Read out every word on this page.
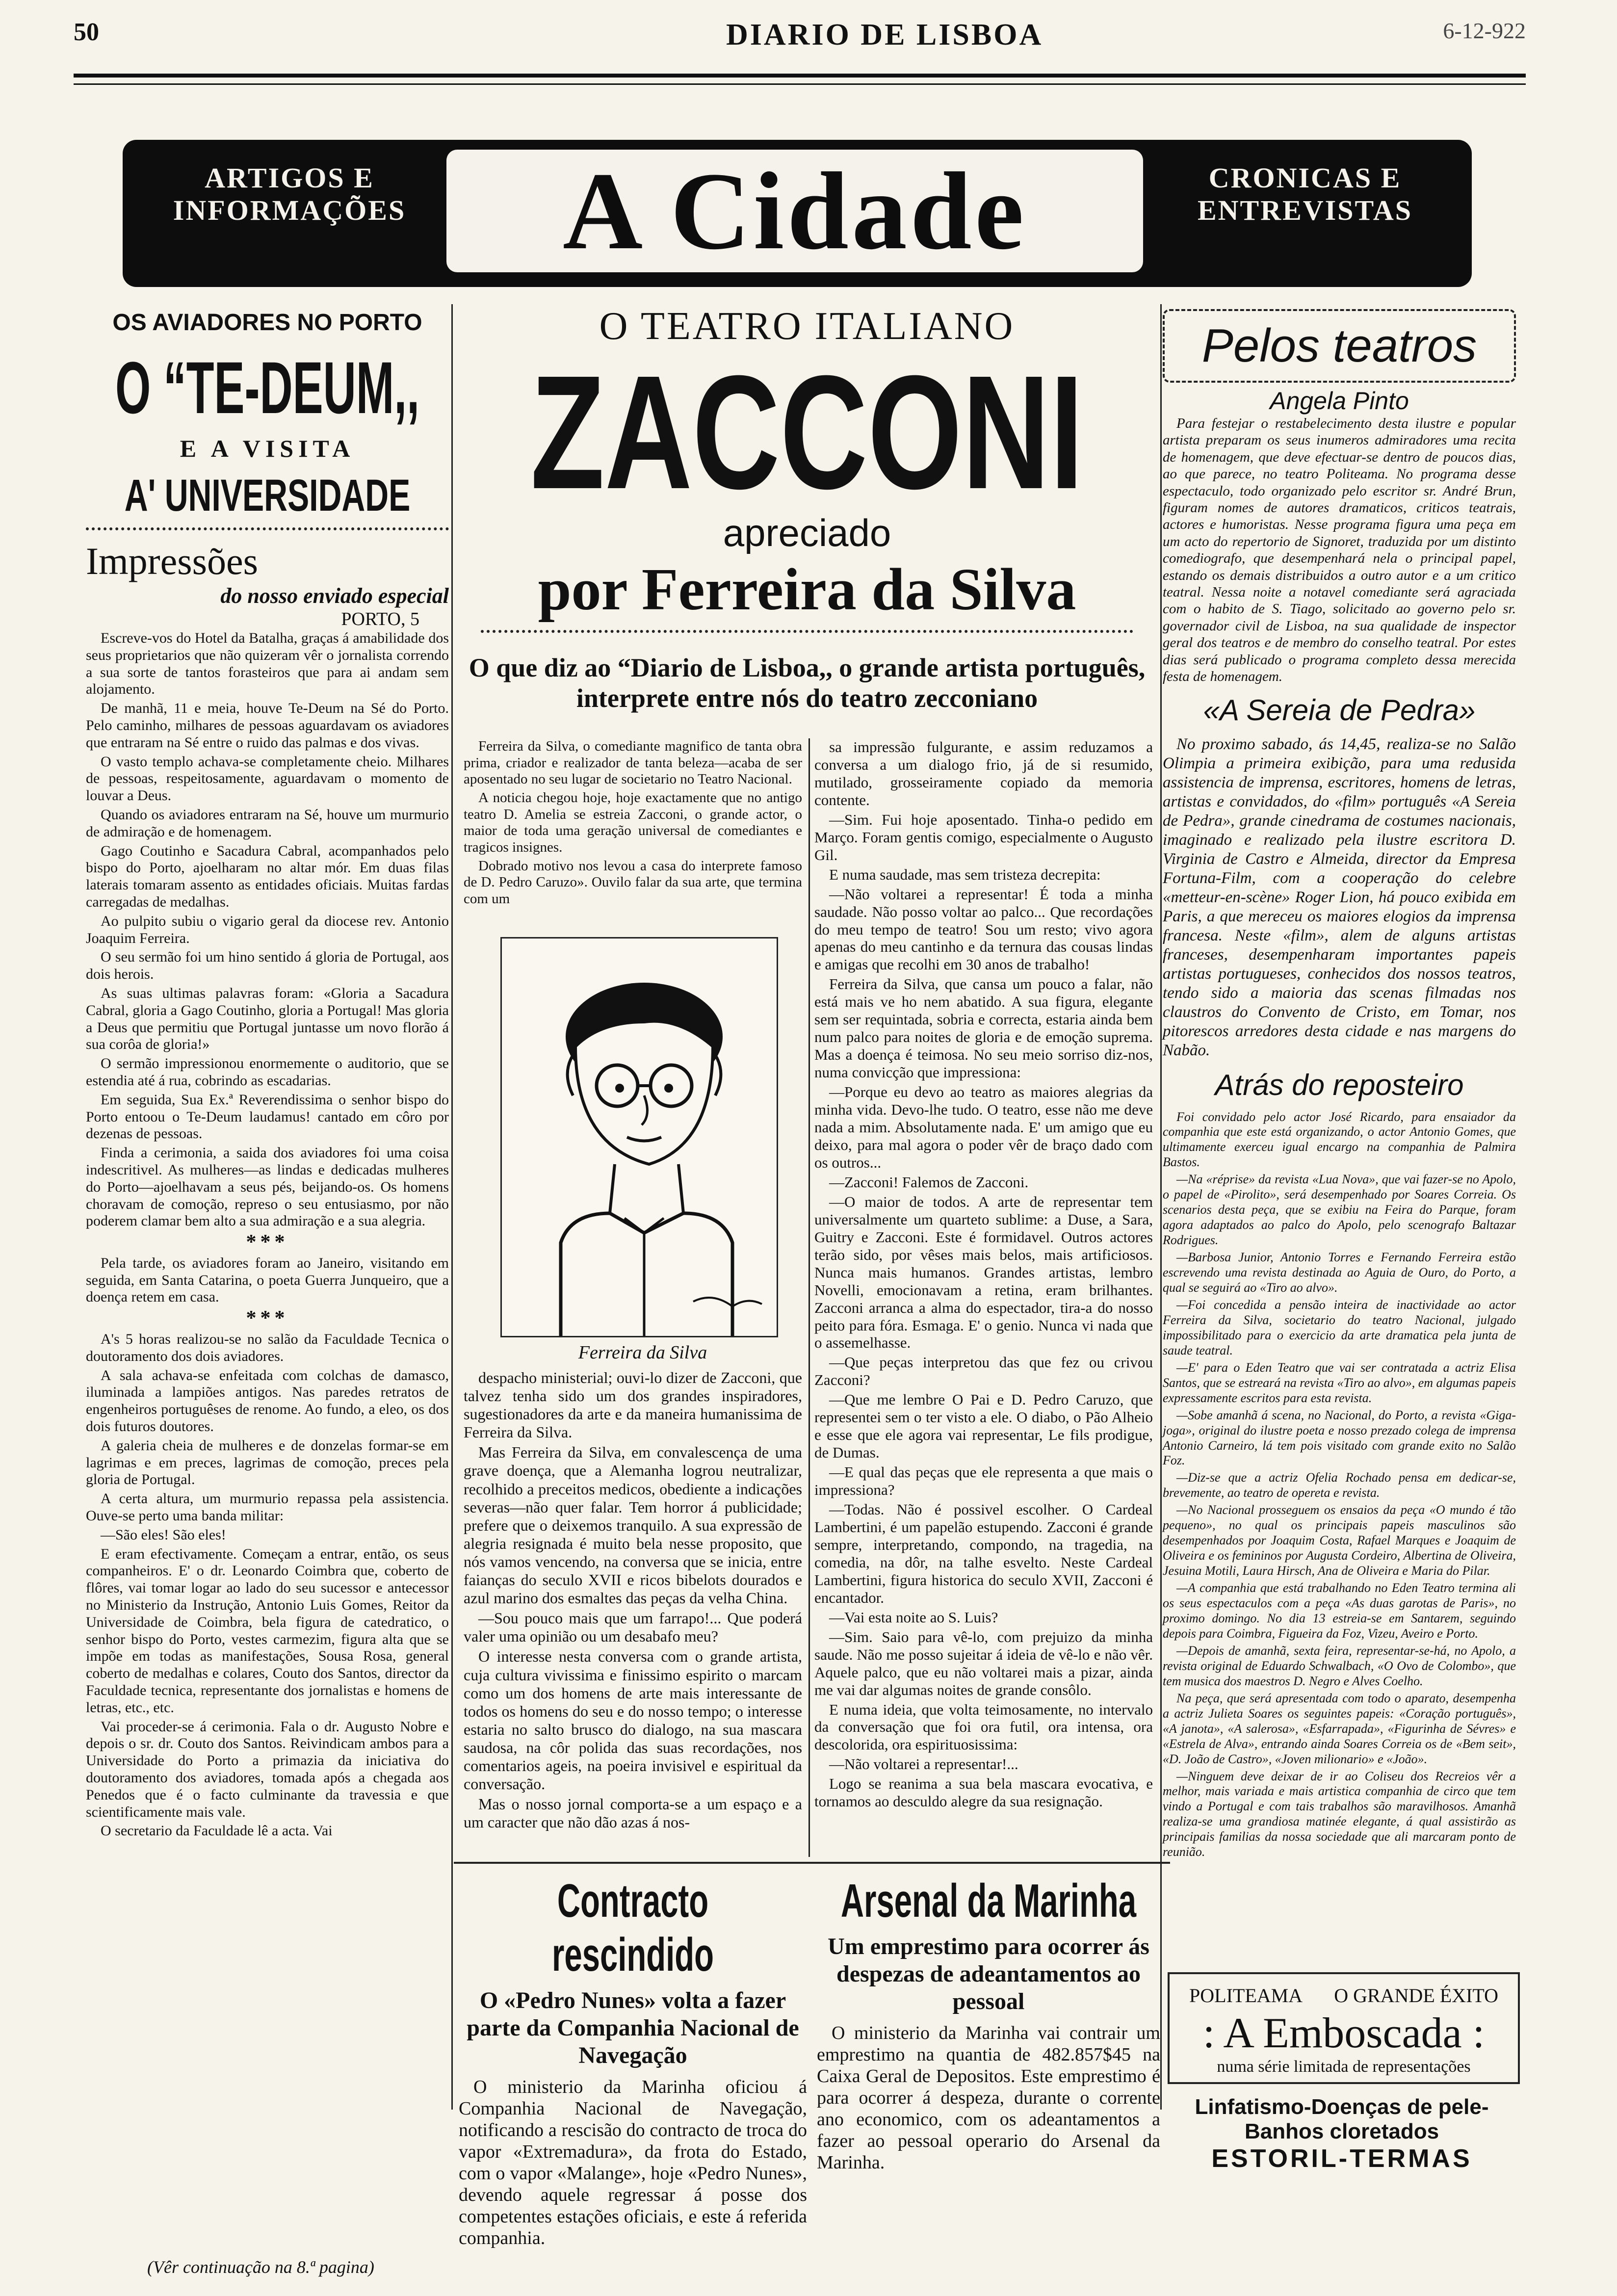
50	DIARIO DE LISBOA	6-12-922
ARTIGOS E INFORMAÇÕES	A Cidade	CRONICAS E ENTREVISTAS
OS AVIADORES NO PORTO
O “TE-DEUM,,
E A VISITA
A' UNIVERSIDADE
Impressões
do nosso enviado especial
PORTO, 5

Escreve-vos do Hotel da Batalha, graças á amabilidade dos seus proprietarios que não quizeram vêr o jornalista correndo a sua sorte de tantos forasteiros que para ai andam sem alojamento.

De manhã, 11 e meia, houve Te-Deum na Sé do Porto. Pelo caminho, milhares de pessoas aguardavam os aviadores que entraram na Sé entre o ruido das palmas e dos vivas.

O vasto templo achava-se completamente cheio. Milhares de pessoas, respeitosamente, aguardavam o momento de louvar a Deus.

Quando os aviadores entraram na Sé, houve um murmurio de admiração e de homenagem.

Gago Coutinho e Sacadura Cabral, acompanhados pelo bispo do Porto, ajoelharam no altar mór. Em duas filas laterais tomaram assento as entidades oficiais. Muitas fardas carregadas de medalhas.

Ao pulpito subiu o vigario geral da diocese rev. Antonio Joaquim Ferreira.

O seu sermão foi um hino sentido á gloria de Portugal, aos dois herois.

As suas ultimas palavras foram: «Gloria a Sacadura Cabral, gloria a Gago Coutinho, gloria a Portugal! Mas gloria a Deus que permitiu que Portugal juntasse um novo florão á sua corôa de gloria!»

O sermão impressionou enormemente o auditorio, que se estendia até á rua, cobrindo as escadarias.

Em seguida, Sua Ex.ª Reverendissima o senhor bispo do Porto entoou o Te-Deum laudamus! cantado em côro por dezenas de pessoas.

Finda a cerimonia, a saida dos aviadores foi uma coisa indescritivel. As mulheres—as lindas e dedicadas mulheres do Porto—ajoelhavam a seus pés, beijando-os. Os homens choravam de comoção, represo o seu entusiasmo, por não poderem clamar bem alto a sua admiração e a sua alegria.

***

Pela tarde, os aviadores foram ao Janeiro, visitando em seguida, em Santa Catarina, o poeta Guerra Junqueiro, que a doença retem em casa.

***

A's 5 horas realizou-se no salão da Faculdade Tecnica o doutoramento dos dois aviadores.

A sala achava-se enfeitada com colchas de damasco, iluminada a lampiões antigos. Nas paredes retratos de engenheiros portuguêses de renome. Ao fundo, a eleo, os dos dois futuros doutores.

A galeria cheia de mulheres e de donzelas formar-se em lagrimas e em preces, lagrimas de comoção, preces pela gloria de Portugal.

A certa altura, um murmurio repassa pela assistencia. Ouve-se perto uma banda militar:

—São eles! São eles!

E eram efectivamente. Começam a entrar, então, os seus companheiros. E' o dr. Leonardo Coimbra que, coberto de flôres, vai tomar logar ao lado do seu sucessor e antecessor no Ministerio da Instrução, Antonio Luis Gomes, Reitor da Universidade de Coimbra, bela figura de catedratico, o senhor bispo do Porto, vestes carmezim, figura alta que se impõe em todas as manifestações, Sousa Rosa, general coberto de medalhas e colares, Couto dos Santos, director da Faculdade tecnica, representante dos jornalistas e homens de letras, etc., etc.

Vai proceder-se á cerimonia. Fala o dr. Augusto Nobre e depois o sr. dr. Couto dos Santos. Reivindicam ambos para a Universidade do Porto a primazia da iniciativa do doutoramento dos aviadores, tomada após a chegada aos Penedos que é o facto culminante da travessia e que scientificamente mais vale.

O secretario da Faculdade lê a acta. Vai

(Vêr continuação na 8.ª pagina)
O TEATRO ITALIANO
ZACCONI
apreciado
por Ferreira da Silva
O que diz ao “Diario de Lisboa,, o grande artista português, interprete entre nós do teatro zecconiano

Ferreira da Silva, o comediante magnifico de tanta obra prima, criador e realizador de tanta beleza—acaba de ser aposentado no seu lugar de societario no Teatro Nacional.

A noticia chegou hoje, hoje exactamente que no antigo teatro D. Amelia se estreia Zacconi, o grande actor, o maior de toda uma geração universal de comediantes e tragicos insignes.

Dobrado motivo nos levou a casa do interprete famoso de D. Pedro Caruzo». Ouvilo falar da sua arte, que termina com um

Ferreira da Silva

despacho ministerial; ouvi-lo dizer de Zacconi, que talvez tenha sido um dos grandes inspiradores, sugestionadores da arte e da maneira humanissima de Ferreira da Silva.

Mas Ferreira da Silva, em convalescença de uma grave doença, que a Alemanha logrou neutralizar, recolhido a preceitos medicos, obediente a indicações severas—não quer falar. Tem horror á publicidade; prefere que o deixemos tranquilo. A sua expressão de alegria resignada é muito bela nesse proposito, que nós vamos vencendo, na conversa que se inicia, entre faianças do seculo XVII e ricos bibelots dourados e azul marino dos esmaltes das peças da velha China.

—Sou pouco mais que um farrapo!... Que poderá valer uma opinião ou um desabafo meu?

O interesse nesta conversa com o grande artista, cuja cultura vivissima e finissimo espirito o marcam como um dos homens de arte mais interessante de todos os homens do seu e do nosso tempo; o interesse estaria no salto brusco do dialogo, na sua mascara saudosa, na côr polida das suas recordações, nos comentarios ageis, na poeira invisivel e espiritual da conversação.

Mas o nosso jornal comporta-se a um espaço e a um caracter que não dão azas á nos-

sa impressão fulgurante, e assim reduzamos a conversa a um dialogo frio, já de si resumido, mutilado, grosseiramente copiado da memoria contente.

—Sim. Fui hoje aposentado. Tinha-o pedido em Março. Foram gentis comigo, especialmente o Augusto Gil.

E numa saudade, mas sem tristeza decrepita:

—Não voltarei a representar! É toda a minha saudade. Não posso voltar ao palco... Que recordações do meu tempo de teatro! Sou um resto; vivo agora apenas do meu cantinho e da ternura das cousas lindas e amigas que recolhi em 30 anos de trabalho!

Ferreira da Silva, que cansa um pouco a falar, não está mais ve ho nem abatido. A sua figura, elegante sem ser requintada, sobria e correcta, estaria ainda bem num palco para noites de gloria e de emoção suprema. Mas a doença é teimosa. No seu meio sorriso diz-nos, numa convicção que impressiona:

—Porque eu devo ao teatro as maiores alegrias da minha vida. Devo-lhe tudo. O teatro, esse não me deve nada a mim. Absolutamente nada. E' um amigo que eu deixo, para mal agora o poder vêr de braço dado com os outros...

—Zacconi! Falemos de Zacconi.

—O maior de todos. A arte de representar tem universalmente um quarteto sublime: a Duse, a Sara, Guitry e Zacconi. Este é formidavel. Outros actores terão sido, por vêses mais belos, mais artificiosos. Nunca mais humanos. Grandes artistas, lembro Novelli, emocionavam a retina, eram brilhantes. Zacconi arranca a alma do espectador, tira-a do nosso peito para fóra. Esmaga. E' o genio. Nunca vi nada que o assemelhasse.

—Que peças interpretou das que fez ou crivou Zacconi?

—Que me lembre O Pai e D. Pedro Caruzo, que representei sem o ter visto a ele. O diabo, o Pão Alheio e esse que ele agora vai representar, Le fils prodigue, de Dumas.

—E qual das peças que ele representa a que mais o impressiona?

—Todas. Não é possivel escolher. O Cardeal Lambertini, é um papelão estupendo. Zacconi é grande sempre, interpretando, compondo, na tragedia, na comedia, na dôr, na talhe esvelto. Neste Cardeal Lambertini, figura historica do seculo XVII, Zacconi é encantador.

—Vai esta noite ao S. Luis?

—Sim. Saio para vê-lo, com prejuizo da minha saude. Não me posso sujeitar á ideia de vê-lo e não vêr. Aquele palco, que eu não voltarei mais a pizar, ainda me vai dar algumas noites de grande consôlo.

E numa ideia, que volta teimosamente, no intervalo da conversação que foi ora futil, ora intensa, ora descolorida, ora espirituosissima:

—Não voltarei a representar!...

Logo se reanima a sua bela mascara evocativa, e tornamos ao desculdo alegre da sua resignação.

Contracto rescindido
O «Pedro Nunes» volta a fazer parte da Companhia Nacional de Navegação

O ministerio da Marinha oficiou á Companhia Nacional de Navegação, notificando a rescisão do contracto de troca do vapor «Extremadura», da frota do Estado, com o vapor «Malange», hoje «Pedro Nunes», devendo aquele regressar á posse dos competentes estações oficiais, e este á referida companhia.

Arsenal da Marinha
Um emprestimo para ocorrer ás despezas de adeantamentos ao pessoal

O ministerio da Marinha vai contrair um emprestimo na quantia de 482.857$45 na Caixa Geral de Depositos. Este emprestimo é para ocorrer á despeza, durante o corrente ano economico, com os adeantamentos a fazer ao pessoal operario do Arsenal da Marinha.

Pelos teatros
Angela Pinto

Para festejar o restabelecimento desta ilustre e popular artista preparam os seus inumeros admiradores uma recita de homenagem, que deve efectuar-se dentro de poucos dias, ao que parece, no teatro Politeama. No programa desse espectaculo, todo organizado pelo escritor sr. André Brun, figuram nomes de autores dramaticos, criticos teatrais, actores e humoristas. Nesse programa figura uma peça em um acto do repertorio de Signoret, traduzida por um distinto comediografo, que desempenhará nela o principal papel, estando os demais distribuidos a outro autor e a um critico teatral. Nessa noite a notavel comediante será agraciada com o habito de S. Tiago, solicitado ao governo pelo sr. governador civil de Lisboa, na sua qualidade de inspector geral dos teatros e de membro do conselho teatral. Por estes dias será publicado o programa completo dessa merecida festa de homenagem.

«A Sereia de Pedra»

No proximo sabado, ás 14,45, realiza-se no Salão Olimpia a primeira exibição, para uma redusida assistencia de imprensa, escritores, homens de letras, artistas e convidados, do «film» português «A Sereia de Pedra», grande cinedrama de costumes nacionais, imaginado e realizado pela ilustre escritora D. Virginia de Castro e Almeida, director da Empresa Fortuna-Film, com a cooperação do celebre «metteur-en-scène» Roger Lion, há pouco exibida em Paris, a que mereceu os maiores elogios da imprensa francesa. Neste «film», alem de alguns artistas franceses, desempenharam importantes papeis artistas portugueses, conhecidos dos nossos teatros, tendo sido a maioria das scenas filmadas nos claustros do Convento de Cristo, em Tomar, nos pitorescos arredores desta cidade e nas margens do Nabão.

Atrás do reposteiro

Foi convidado pelo actor José Ricardo, para ensaiador da companhia que este está organizando, o actor Antonio Gomes, que ultimamente exerceu igual encargo na companhia de Palmira Bastos.

—Na «réprise» da revista «Lua Nova», que vai fazer-se no Apolo, o papel de «Pirolito», será desempenhado por Soares Correia. Os scenarios desta peça, que se exibiu na Feira do Parque, foram agora adaptados ao palco do Apolo, pelo scenografo Baltazar Rodrigues.

—Barbosa Junior, Antonio Torres e Fernando Ferreira estão escrevendo uma revista destinada ao Aguia de Ouro, do Porto, a qual se seguirá ao «Tiro ao alvo».

—Foi concedida a pensão inteira de inactividade ao actor Ferreira da Silva, societario do teatro Nacional, julgado impossibilitado para o exercicio da arte dramatica pela junta de saude teatral.

—E' para o Eden Teatro que vai ser contratada a actriz Elisa Santos, que se estreará na revista «Tiro ao alvo», em algumas papeis expressamente escritos para esta revista.

—Sobe amanhã á scena, no Nacional, do Porto, a revista «Giga-joga», original do ilustre poeta e nosso prezado colega de imprensa Antonio Carneiro, lá tem pois visitado com grande exito no Salão Foz.

—Diz-se que a actriz Ofelia Rochado pensa em dedicar-se, brevemente, ao teatro de opereta e revista.

—No Nacional prosseguem os ensaios da peça «O mundo é tão pequeno», no qual os principais papeis masculinos são desempenhados por Joaquim Costa, Rafael Marques e Joaquim de Oliveira e os femininos por Augusta Cordeiro, Albertina de Oliveira, Jesuina Motili, Laura Hirsch, Ana de Oliveira e Maria do Pilar.

—A companhia que está trabalhando no Eden Teatro termina ali os seus espectaculos com a peça «As duas garotas de Paris», no proximo domingo. No dia 13 estreia-se em Santarem, seguindo depois para Coimbra, Figueira da Foz, Vizeu, Aveiro e Porto.

—Depois de amanhã, sexta feira, representar-se-há, no Apolo, a revista original de Eduardo Schwalbach, «O Ovo de Colombo», que tem musica dos maestros D. Negro e Alves Coelho.

Na peça, que será apresentada com todo o aparato, desempenha a actriz Julieta Soares os seguintes papeis: «Coração português», «A janota», «A salerosa», «Esfarrapada», «Figurinha de Sévres» e «Estrela de Alva», entrando ainda Soares Correia os de «Bem seit», «D. João de Castro», «Joven milionario» e «João».

—Ninguem deve deixar de ir ao Coliseu dos Recreios vêr a melhor, mais variada e mais artistica companhia de circo que tem vindo a Portugal e com tais trabalhos são maravilhosos. Amanhã realiza-se uma grandiosa matinée elegante, á qual assistirão as principais familias da nossa sociedade que ali marcaram ponto de reunião.

POLITEAMA O GRANDE ÉXITO
: A Emboscada :
numa série limitada de representações
Linfatismo-Doenças de pele-Banhos cloretados
ESTORIL-TERMAS
